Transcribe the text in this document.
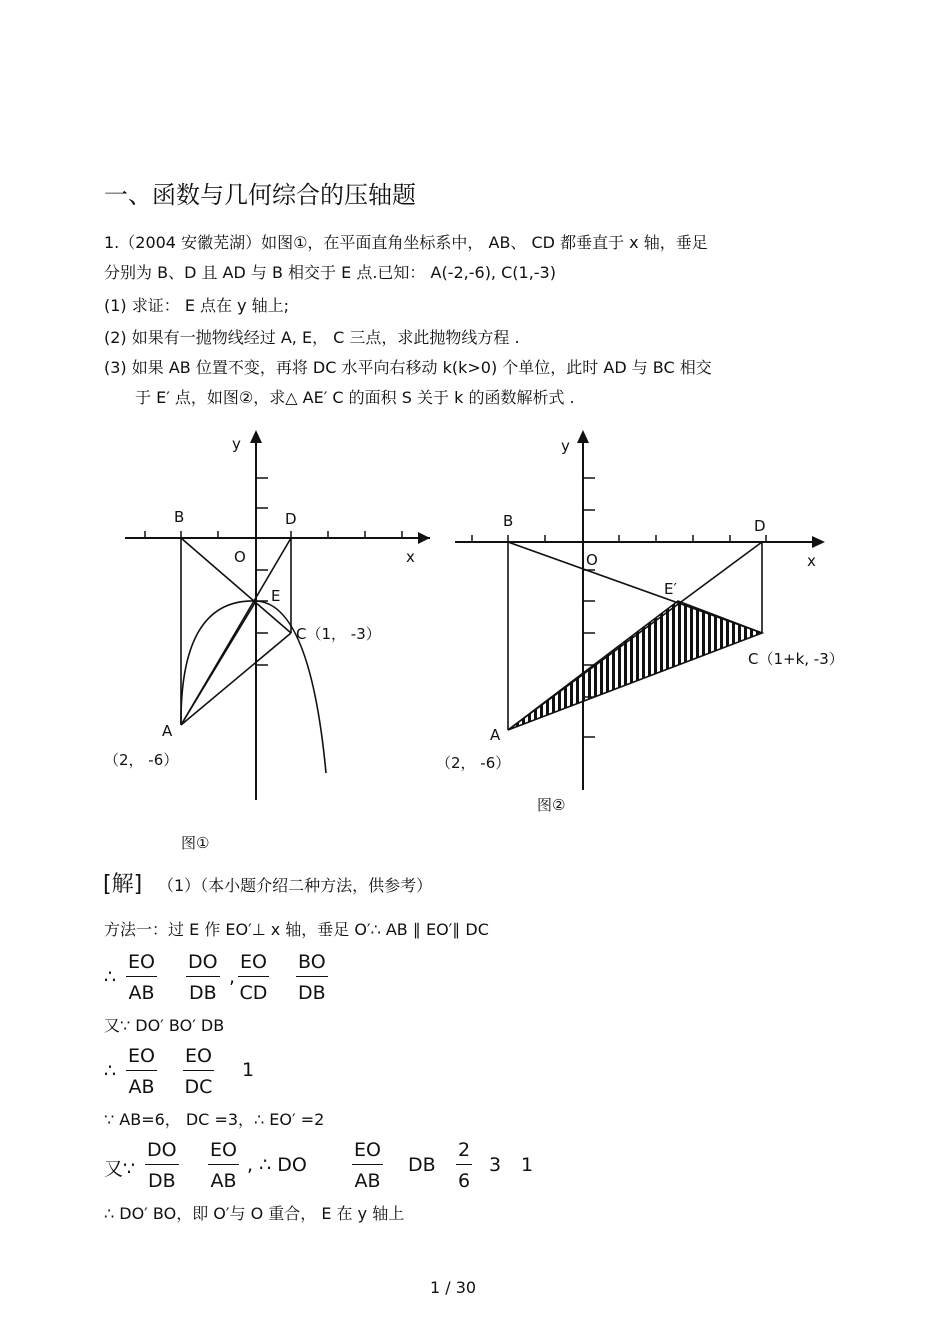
一、函数与几何综合的压轴题
1.（2004 安徽芜湖）如图①，在平面直角坐标系中， AB、 CD 都垂直于 x 轴，垂足
分别为 B、D 且 AD 与 B 相交于 E 点.已知： A(-2,-6), C(1,-3)
(1) 求证： E 点在 y 轴上;
(2) 如果有一抛物线经过 A, E， C 三点，求此抛物线方程 .
(3) 如果 AB 位置不变，再将 DC 水平向右移动 k(k>0) 个单位，此时 AD 与 BC 相交
于 E′ 点，如图②，求△ AE′ C 的面积 S 关于 k 的函数解析式 .
y
x
B	D
O
E
C（1， -3）
A
（2， -6）
y
x
B	D
O
E′
C（1+k, -3）
A
（2， -6）
图②
图①
[解] （1）（本小题介绍二种方法，供参考）
方法一：过 E 作 EO′⊥ x 轴，垂足 O′∴ AB ∥ EO′∥ DC
∴ $\frac{EO}{AB} \frac{DO}{DB}$ , $\frac{EO}{CD} \frac{BO}{DB}$
又∵ DO′ BO′ DB
∴ $\frac{EO}{AB} \frac{EO}{DC} 1$
∵ AB=6， DC =3，∴ EO′ =2
又∵ $\frac{DO}{DB} \frac{EO}{AB}$ , ∴ DO $\frac{EO}{AB}$ DB $\frac{2}{6} 3$ 1
∴ DO′ BO，即 O′与 O 重合， E 在 y 轴上
1 / 30
